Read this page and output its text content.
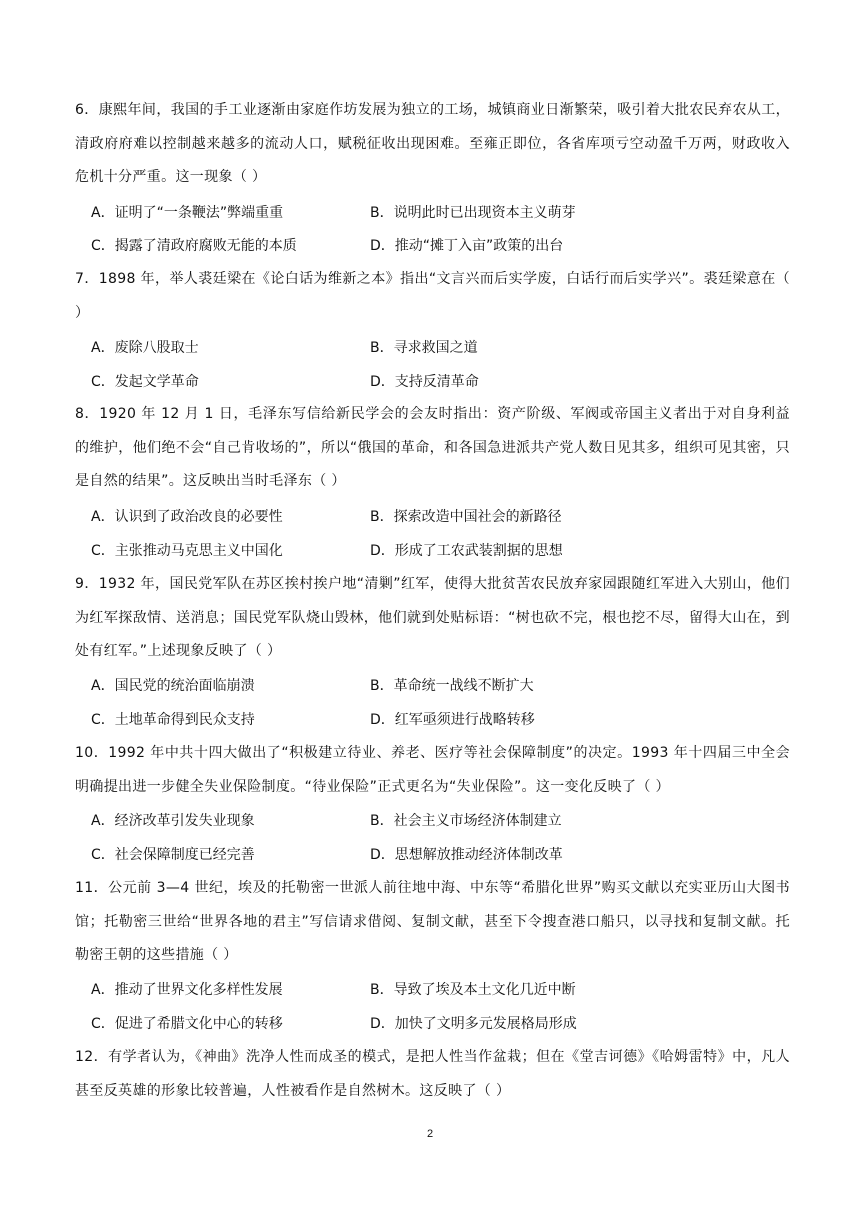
6．康熙年间，我国的手工业逐渐由家庭作坊发展为独立的工场，城镇商业日渐繁荣，吸引着大批农民弃农从工，清政府府难以控制越来越多的流动人口，赋税征收出现困难。至雍正即位，各省库项亏空动盈千万两，财政收入危机十分严重。这一现象（ ）
A．证明了“一条鞭法”弊端重重	B．说明此时已出现资本主义萌芽
C．揭露了清政府腐败无能的本质	D．推动“摊丁入亩”政策的出台
7．1898 年，举人裘廷梁在《论白话为维新之本》指出“文言兴而后实学废，白话行而后实学兴”。裘廷梁意在（ ）
A．废除八股取士	B．寻求救国之道
C．发起文学革命	D．支持反清革命
8．1920 年 12 月 1 日，毛泽东写信给新民学会的会友时指出：资产阶级、军阀或帝国主义者出于对自身利益的维护，他们绝不会“自己肯收场的”，所以“俄国的革命，和各国急进派共产党人数日见其多，组织可见其密，只是自然的结果”。这反映出当时毛泽东（ ）
A．认识到了政治改良的必要性	B．探索改造中国社会的新路径
C．主张推动马克思主义中国化	D．形成了工农武装割据的思想
9．1932 年，国民党军队在苏区挨村挨户地“清剿”红军，使得大批贫苦农民放弃家园跟随红军进入大别山，他们为红军探敌情、送消息；国民党军队烧山毁林，他们就到处贴标语：“树也砍不完，根也挖不尽，留得大山在，到处有红军。”上述现象反映了（ ）
A．国民党的统治面临崩溃	B．革命统一战线不断扩大
C．土地革命得到民众支持	D．红军亟须进行战略转移
10．1992 年中共十四大做出了“积极建立待业、养老、医疗等社会保障制度”的决定。1993 年十四届三中全会明确提出进一步健全失业保险制度。“待业保险”正式更名为“失业保险”。这一变化反映了（ ）
A．经济改革引发失业现象	B．社会主义市场经济体制建立
C．社会保障制度已经完善	D．思想解放推动经济体制改革
11．公元前 3—4 世纪，埃及的托勒密一世派人前往地中海、中东等“希腊化世界”购买文献以充实亚历山大图书馆；托勒密三世给“世界各地的君主”写信请求借阅、复制文献，甚至下令搜查港口船只，以寻找和复制文献。托勒密王朝的这些措施（ ）
A．推动了世界文化多样性发展	B．导致了埃及本土文化几近中断
C．促进了希腊文化中心的转移	D．加快了文明多元发展格局形成
12．有学者认为，《神曲》洗净人性而成圣的模式，是把人性当作盆栽；但在《堂吉诃德》《哈姆雷特》中，凡人甚至反英雄的形象比较普遍，人性被看作是自然树木。这反映了（ ）
2
